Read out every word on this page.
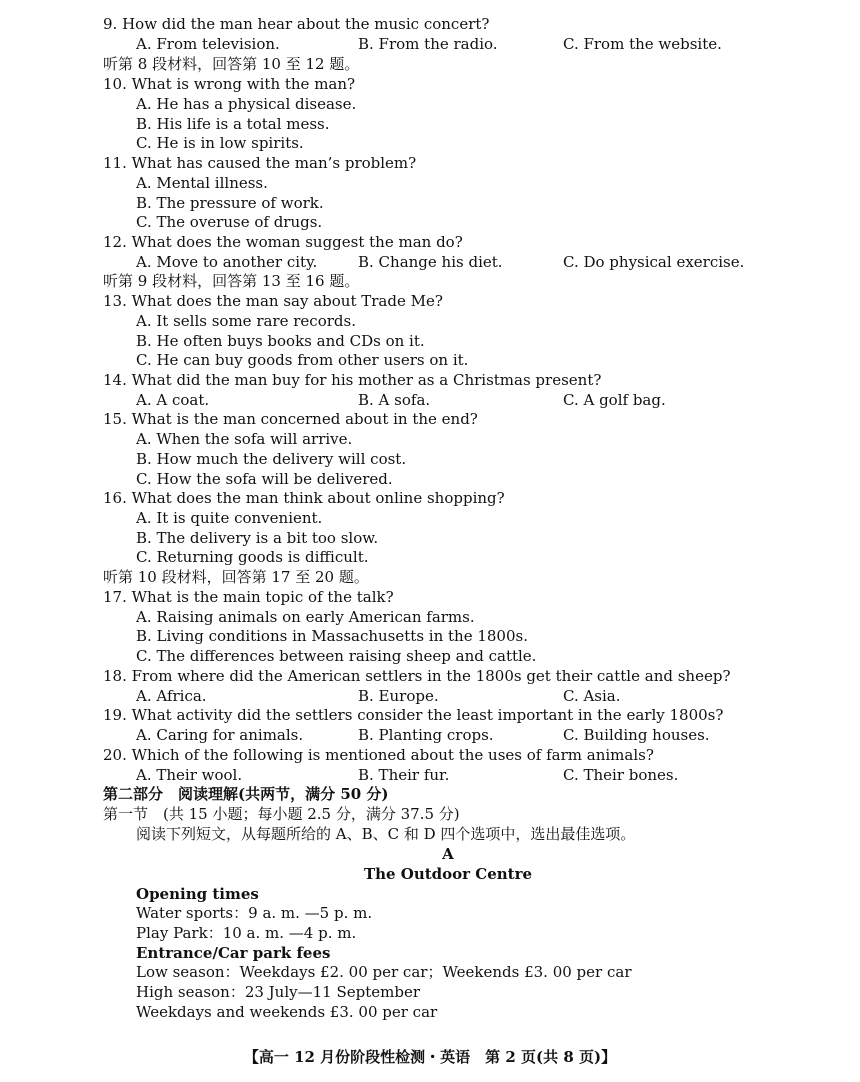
9. How did the man hear about the music concert?
A. From television.	B. From the radio.	C. From the website.
听第 8 段材料，回答第 10 至 12 题。
10. What is wrong with the man?
A. He has a physical disease.
B. His life is a total mess.
C. He is in low spirits.
11. What has caused the man’s problem?
A. Mental illness.
B. The pressure of work.
C. The overuse of drugs.
12. What does the woman suggest the man do?
A. Move to another city.	B. Change his diet.	C. Do physical exercise.
听第 9 段材料，回答第 13 至 16 题。
13. What does the man say about Trade Me?
A. It sells some rare records.
B. He often buys books and CDs on it.
C. He can buy goods from other users on it.
14. What did the man buy for his mother as a Christmas present?
A. A coat.	B. A sofa.	C. A golf bag.
15. What is the man concerned about in the end?
A. When the sofa will arrive.
B. How much the delivery will cost.
C. How the sofa will be delivered.
16. What does the man think about online shopping?
A. It is quite convenient.
B. The delivery is a bit too slow.
C. Returning goods is difficult.
听第 10 段材料，回答第 17 至 20 题。
17. What is the main topic of the talk?
A. Raising animals on early American farms.
B. Living conditions in Massachusetts in the 1800s.
C. The differences between raising sheep and cattle.
18. From where did the American settlers in the 1800s get their cattle and sheep?
A. Africa.	B. Europe.	C. Asia.
19. What activity did the settlers consider the least important in the early 1800s?
A. Caring for animals.	B. Planting crops.	C. Building houses.
20. Which of the following is mentioned about the uses of farm animals?
A. Their wool.	B. Their fur.	C. Their bones.
第二部分　阅读理解(共两节，满分 50 分)
第一节　(共 15 小题；每小题 2.5 分，满分 37.5 分)
阅读下列短文，从每题所给的 A、B、C 和 D 四个选项中，选出最佳选项。
A
The Outdoor Centre
Opening times
Water sports：9 a. m. —5 p. m.
Play Park：10 a. m. —4 p. m.
Entrance/Car park fees
Low season：Weekdays £2. 00 per car；Weekends £3. 00 per car
High season：23 July—11 September
Weekdays and weekends £3. 00 per car
【高一 12 月份阶段性检测・英语　第 2 页(共 8 页)】
